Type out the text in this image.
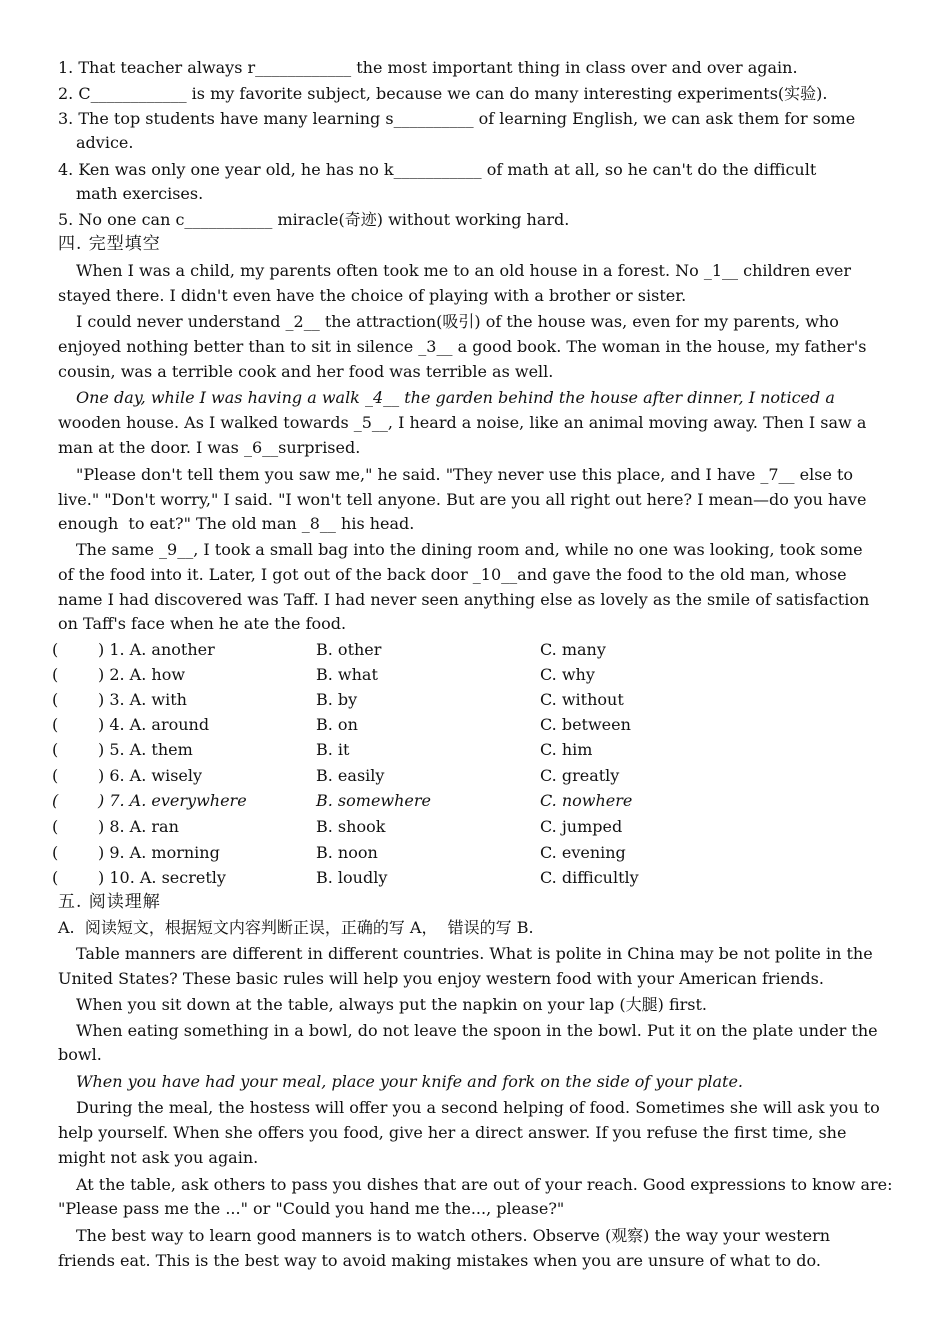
1. That teacher always r____________ the most important thing in class over and over again.
2. C____________ is my favorite subject, because we can do many interesting experiments(实验).
3. The top students have many learning s__________ of learning English, we can ask them for some
advice.
4. Ken was only one year old, he has no k___________ of math at all, so he can't do the difficult
math exercises.
5. No one can c___________ miracle(奇迹) without working hard.
四. 完型填空
When I was a child, my parents often took me to an old house in a forest. No _1__ children ever
stayed there. I didn't even have the choice of playing with a brother or sister.
I could never understand _2__ the attraction(吸引) of the house was, even for my parents, who
enjoyed nothing better than to sit in silence _3__ a good book. The woman in the house, my father's
cousin, was a terrible cook and her food was terrible as well.
One day, while I was having a walk _4__ the garden behind the house after dinner, I noticed a
wooden house. As I walked towards _5__, I heard a noise, like an animal moving away. Then I saw a
man at the door. I was _6__surprised.
"Please don't tell them you saw me," he said. "They never use this place, and I have _7__ else to
live." "Don't worry," I said. "I won't tell anyone. But are you all right out here? I mean—do you have
enough  to eat?" The old man _8__ his head.
The same _9__, I took a small bag into the dining room and, while no one was looking, took some
of the food into it. Later, I got out of the back door _10__and gave the food to the old man, whose
name I had discovered was Taff. I had never seen anything else as lovely as the smile of satisfaction
on Taff's face when he ate the food.
( ) 1. A. another	B. other	C. many
( ) 2. A. how	B. what	C. why
( ) 3. A. with	B. by	C. without
( ) 4. A. around	B. on	C. between
( ) 5. A. them	B. it	C. him
( ) 6. A. wisely	B. easily	C. greatly
( ) 7. A. everywhere	B. somewhere	C. nowhere
( ) 8. A. ran	B. shook	C. jumped
( ) 9. A. morning	B. noon	C. evening
( ) 10. A. secretly	B. loudly	C. difficultly
五. 阅读理解
A.  阅读短文，根据短文内容判断正误，正确的写 A，  错误的写 B.
Table manners are different in different countries. What is polite in China may be not polite in the
United States? These basic rules will help you enjoy western food with your American friends.
When you sit down at the table, always put the napkin on your lap (大腿) first.
When eating something in a bowl, do not leave the spoon in the bowl. Put it on the plate under the
bowl.
When you have had your meal, place your knife and fork on the side of your plate.
During the meal, the hostess will offer you a second helping of food. Sometimes she will ask you to
help yourself. When she offers you food, give her a direct answer. If you refuse the first time, she
might not ask you again.
At the table, ask others to pass you dishes that are out of your reach. Good expressions to know are:
"Please pass me the ..." or "Could you hand me the..., please?"
The best way to learn good manners is to watch others. Observe (观察) the way your western
friends eat. This is the best way to avoid making mistakes when you are unsure of what to do.
